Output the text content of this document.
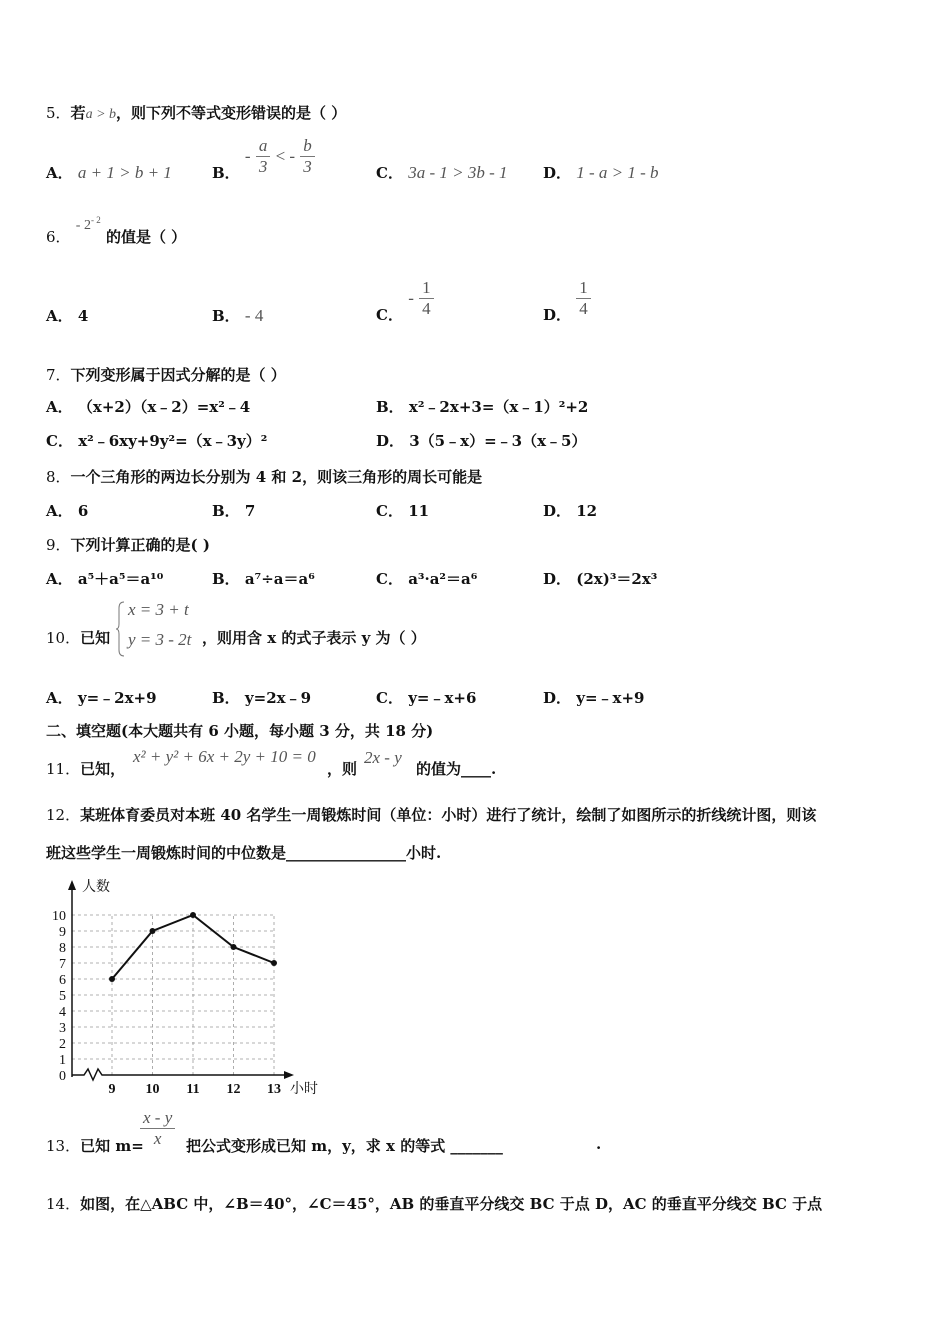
5．若a > b，则下列不等式变形错误的是（ ）
A． a + 1 > b + 1	B． - $\frac{a}{3}$ < - $\frac{b}{3}$	C． 3a - 1 > 3b - 1 D． 1 - a > 1 - b
6． - $2^{- 2}$ 的值是（ ）
A． 4	B． - 4	C． - $\frac{1}{4}$	D． $\frac{1}{4}$
7．下列变形属于因式分解的是（ ）
A． （x+2）（x﹣2）=x²﹣4	B． x²﹣2x+3=（x﹣1）²+2
C． x²﹣6xy+9y²=（x﹣3y）²	D． 3（5﹣x）=﹣3（x﹣5）
8．一个三角形的两边长分别为 4 和 2，则该三角形的周长可能是
A． 6	B． 7	C． 11	D． 12
9．下列计算正确的是( )
A． a⁵＋a⁵＝a¹⁰	B． a⁷÷a＝a⁶	C． a³·a²＝a⁶	D． (2x)³＝2x³
10．已知
x = 3 + t
y = 3 - 2t ，则用含 x 的式子表示 y 为（ ）
A． y=﹣2x+9	B． y=2x﹣9	C． y=﹣x+6	D． y=﹣x+9
二、填空题(本大题共有 6 小题，每小题 3 分，共 18 分)
11．已知，
x² + y² + 6x + 2y + 10 = 0
，则
2x - y
的值为____.
12．某班体育委员对本班 40 名学生一周锻炼时间（单位：小时）进行了统计，绘制了如图所示的折线统计图，则该
班这些学生一周锻炼时间的中位数是________________小时.
0
1
2
3
4
5
6
7
8
9
10
9 10 11 12 13
人数
小时
13．已知 m=
$\frac{x - y}{x}$ 把公式变形成已知 m，y，求 x 的等式 _______	.
14．如图，在△ABC 中，∠B＝40°，∠C＝45°，AB 的垂直平分线交 BC 于点 D，AC 的垂直平分线交 BC 于点
